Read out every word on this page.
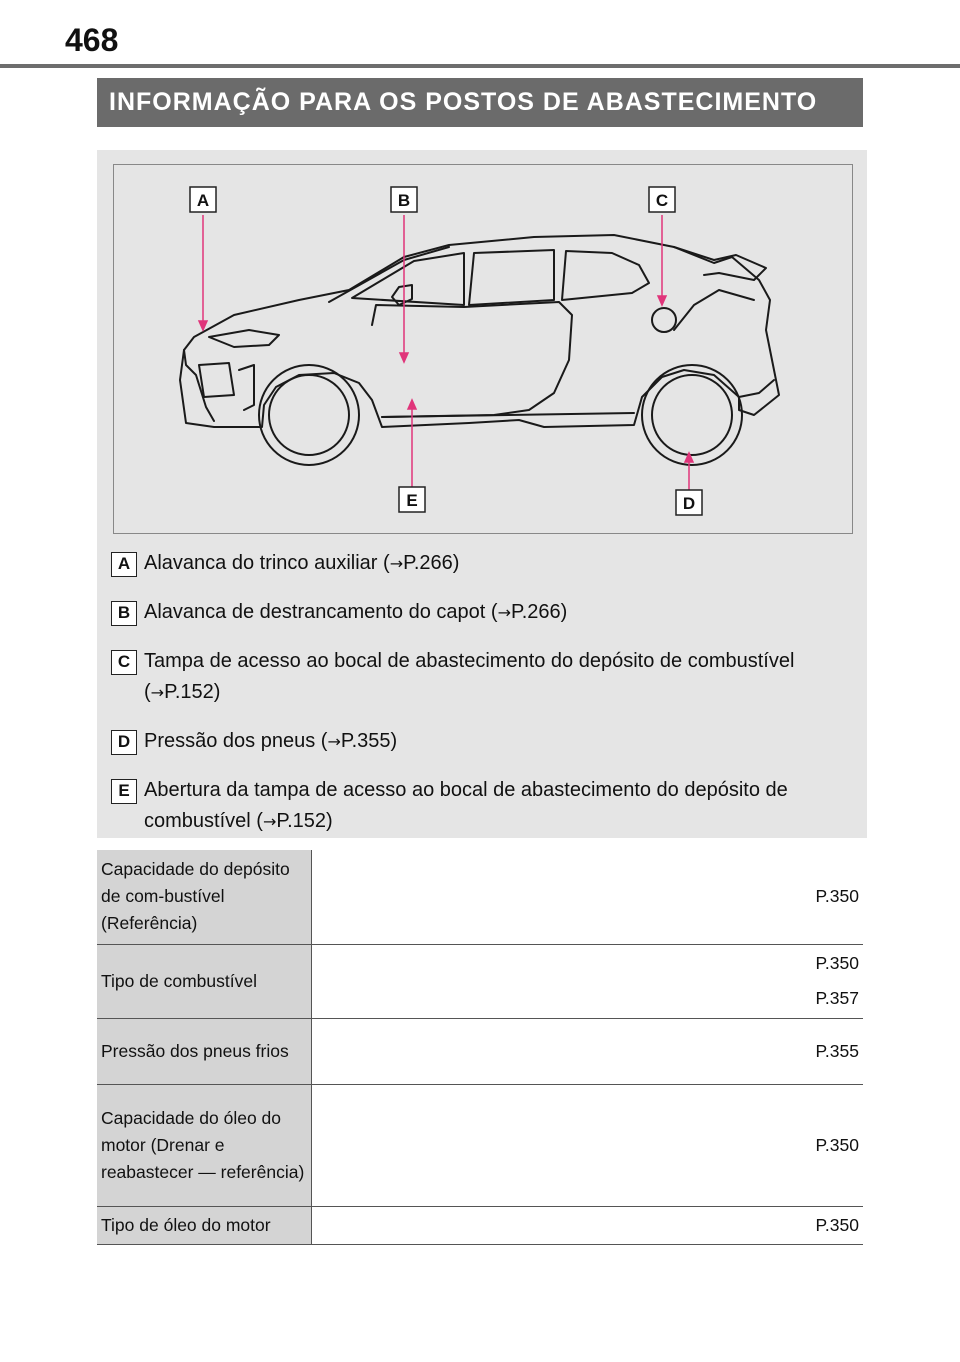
468
INFORMAÇÃO PARA OS POSTOS DE ABASTECIMENTO
A	B	C
D
E
A Alavanca do trinco auxiliar (→P.266)
B Alavanca de destrancamento do capot (→P.266)
C Tampa de acesso ao bocal de abastecimento do depósito de combustível (→P.152)
D Pressão dos pneus (→P.355)
E Abertura da tampa de acesso ao bocal de abastecimento do depósito de combustível (→P.152)
Capacidade do depósito de com-bustível (Referência)	P.350

Tipo de combustível	P.350
P.357

Pressão dos pneus frios	P.355

Capacidade do óleo do motor (Drenar e reabastecer — referência)	P.350

Tipo de óleo do motor	P.350
